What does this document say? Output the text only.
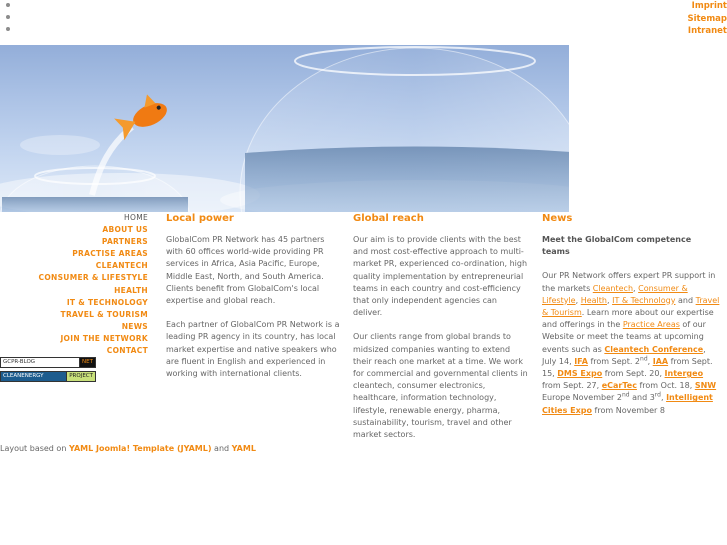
Imprint
Sitemap
Intranet
HOME
ABOUT US
PARTNERS
PRACTISE AREAS
CLEANTECH
CONSUMER & LIFESTYLE
HEALTH
IT & TECHNOLOGY
TRAVEL & TOURISM
NEWS
JOIN THE NETWORK
CONTACT
GCPR-BLOG	NET
CLEANENERGY	PROJECT
Local power

GlobalCom PR Network has 45 partners with 60 offices world-wide providing PR services in Africa, Asia Pacific, Europe, Middle East, North, and South America. Clients benefit from GlobalCom's local expertise and global reach.

Each partner of GlobalCom PR Network is a leading PR agency in its country, has local market expertise and native speakers who are fluent in English and experienced in working with international clients.

Global reach

Our aim is to provide clients with the best and most cost-effective approach to multi-market PR, experienced co-ordination, high quality implementation by entrepreneurial teams in each country and cost-efficiency that only independent agencies can deliver.

Our clients range from global brands to midsized companies wanting to extend their reach one market at a time. We work for commercial and governmental clients in cleantech, consumer electronics, healthcare, information technology, lifestyle, renewable energy, pharma, sustainability, tourism, travel and other market sectors.

News

Meet the GlobalCom competence teams

Our PR Network offers expert PR support in the markets Cleantech, Consumer & Lifestyle, Health, IT & Technology and Travel & Tourism. Learn more about our expertise and offerings in the Practice Areas of our Website or meet the teams at upcoming events such as Cleantech Conference, July 14, IFA from Sept. 2nd, IAA from Sept. 15, DMS Expo from Sept. 20, Intergeo from Sept. 27, eCarTec from Oct. 18, SNW Europe November 2nd and 3rd, Intelligent Cities Expo from November 8

Layout based on YAML Joomla! Template (JYAML) and YAML
